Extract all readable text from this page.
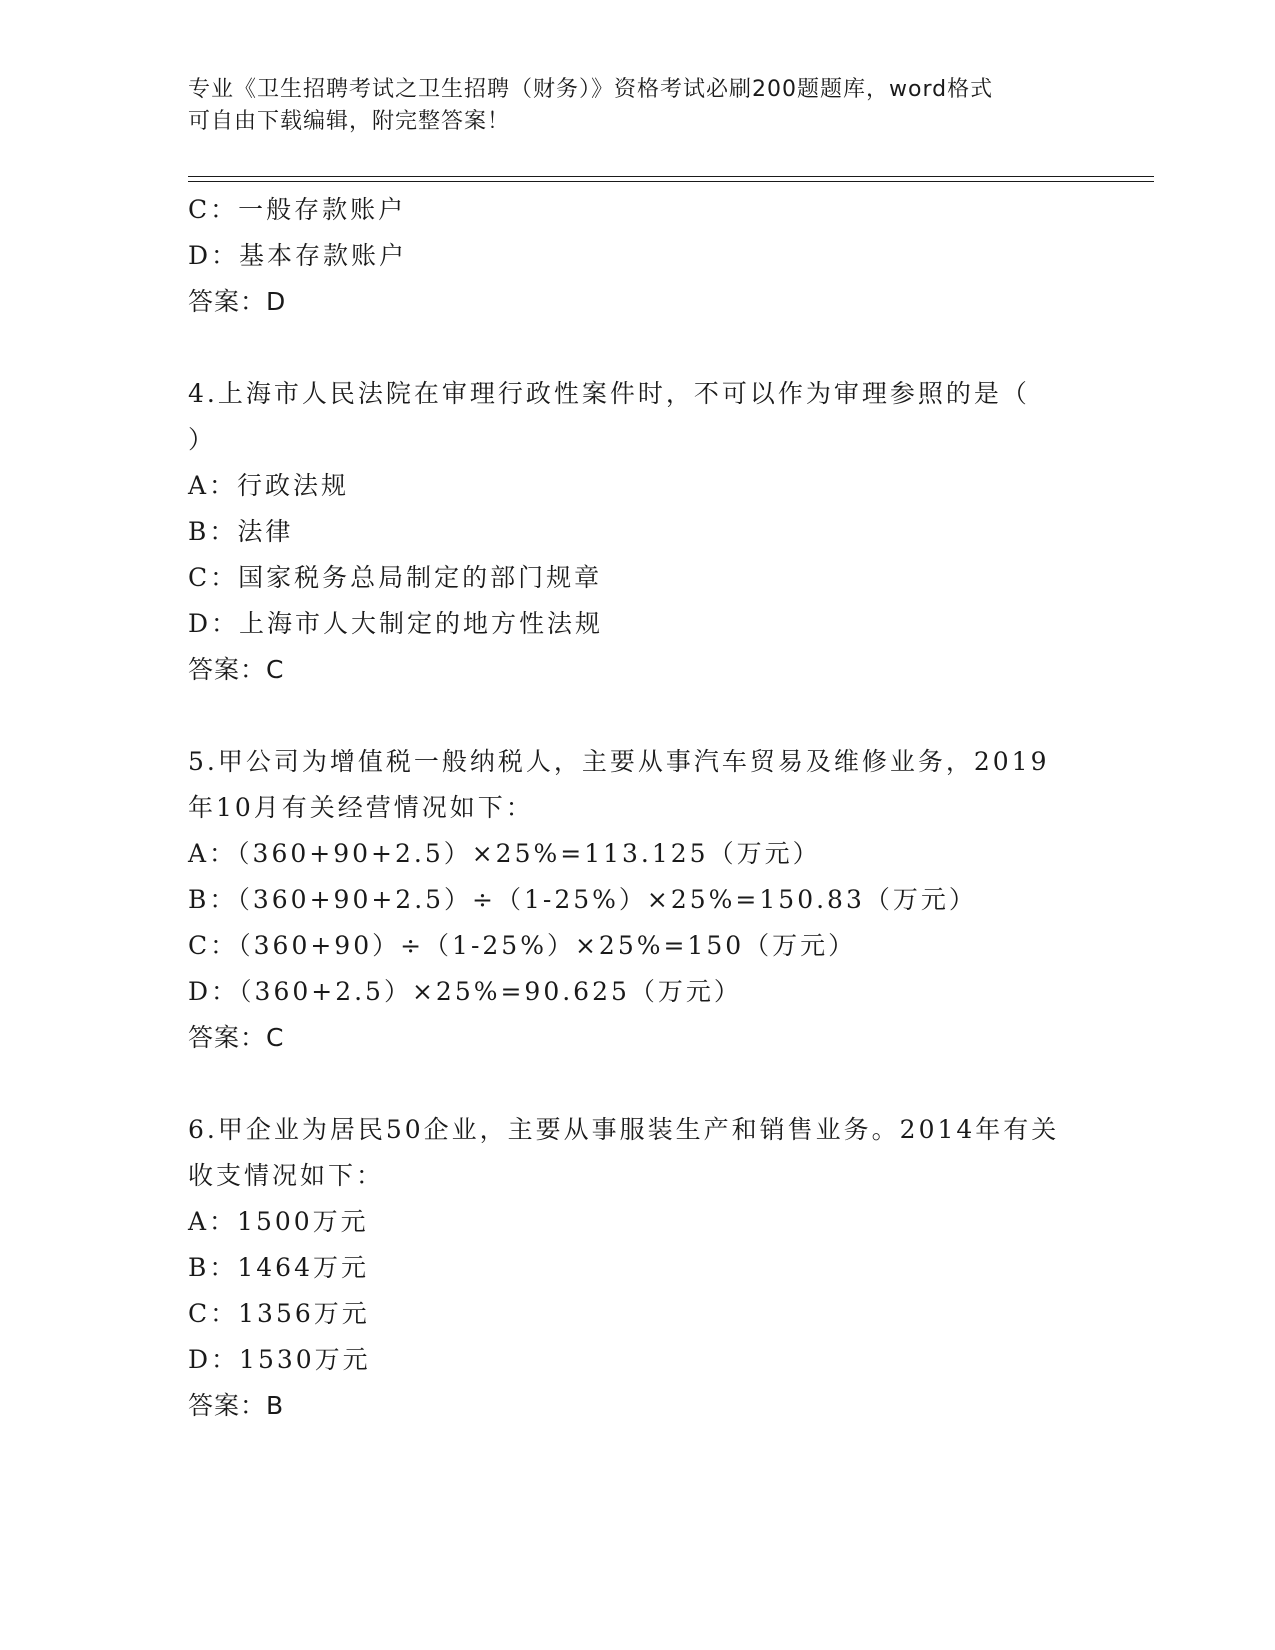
专业《卫生招聘考试之卫生招聘（财务）》资格考试必刷200题题库，word格式
可自由下载编辑，附完整答案！
C：一般存款账户
D：基本存款账户
答案：D
4.上海市人民法院在审理行政性案件时，不可以作为审理参照的是（
）
A：行政法规
B：法律
C：国家税务总局制定的部门规章
D：上海市人大制定的地方性法规
答案：C
5.甲公司为增值税一般纳税人，主要从事汽车贸易及维修业务，2019
年10月有关经营情况如下：
A：（360+90+2.5）×25%=113.125（万元）
B：（360+90+2.5）÷（1-25%）×25%=150.83（万元）
C：（360+90）÷（1-25%）×25%=150（万元）
D：（360+2.5）×25%=90.625（万元）
答案：C
6.甲企业为居民50企业，主要从事服装生产和销售业务。2014年有关
收支情况如下：
A：1500万元
B：1464万元
C：1356万元
D：1530万元
答案：B
